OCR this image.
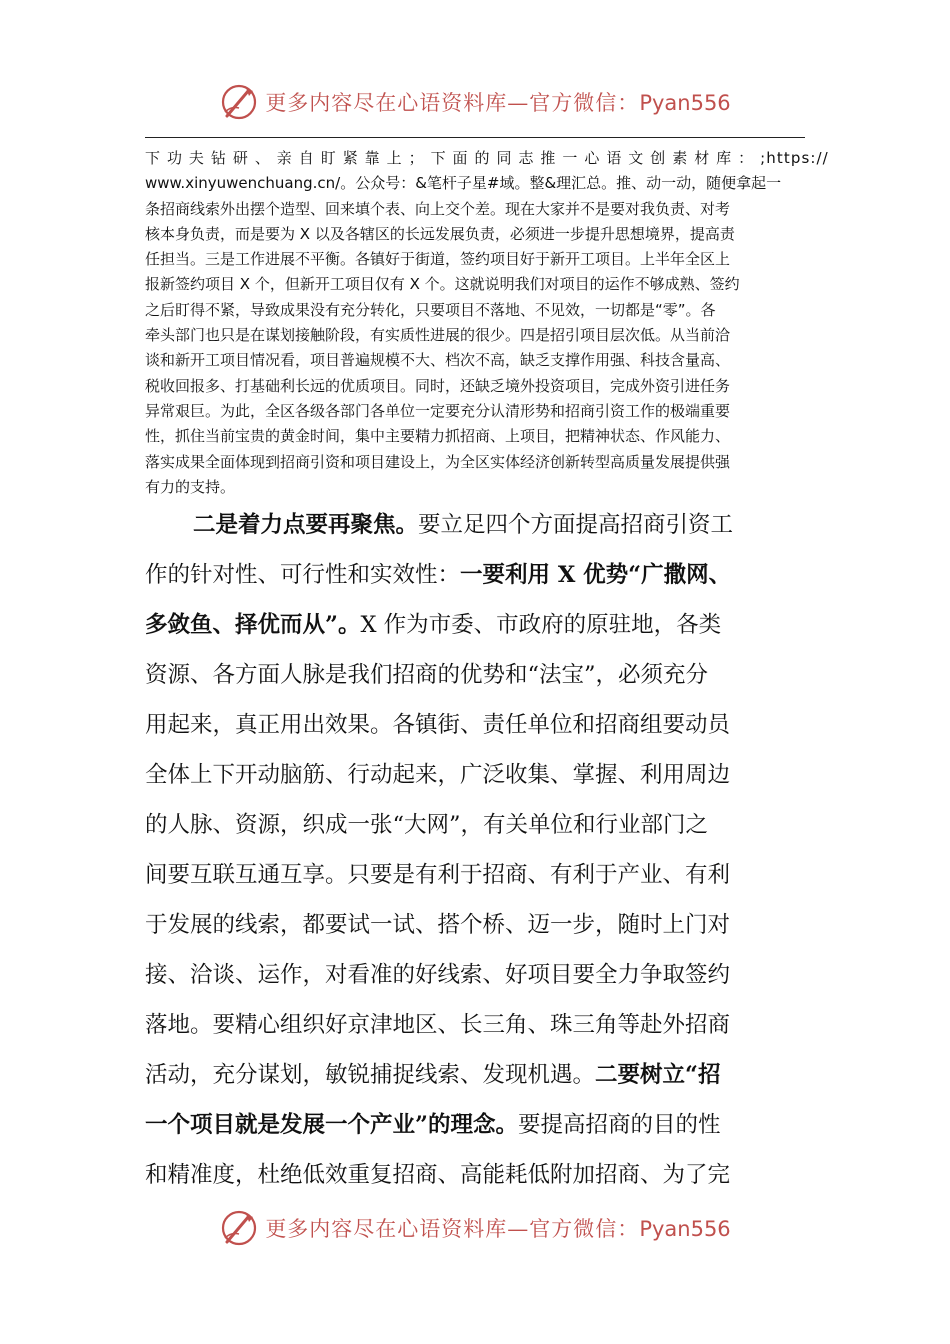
更多内容尽在心语资料库—官方微信：Pyan556
下 功 夫 钻 研 、 亲 自 盯 紧 靠 上 ； 下 面 的 同 志 推 一 心 语 文 创 素 材 库 ： ;https://
www.xinyuwenchuang.cn/。公众号：&笔杆子星#域。整&理汇总。推、动一动，随便拿起一
条招商线索外出摆个造型、回来填个表、向上交个差。现在大家并不是要对我负责、对考
核本身负责，而是要为 X 以及各辖区的长远发展负责，必须进一步提升思想境界，提高责
任担当。三是工作进展不平衡。各镇好于街道，签约项目好于新开工项目。上半年全区上
报新签约项目 X 个，但新开工项目仅有 X 个。这就说明我们对项目的运作不够成熟、签约
之后盯得不紧，导致成果没有充分转化，只要项目不落地、不见效，一切都是“零”。各
牵头部门也只是在谋划接触阶段，有实质性进展的很少。四是招引项目层次低。从当前洽
谈和新开工项目情况看，项目普遍规模不大、档次不高，缺乏支撑作用强、科技含量高、
税收回报多、打基础利长远的优质项目。同时，还缺乏境外投资项目，完成外资引进任务
异常艰巨。为此，全区各级各部门各单位一定要充分认清形势和招商引资工作的极端重要
性，抓住当前宝贵的黄金时间，集中主要精力抓招商、上项目，把精神状态、作风能力、
落实成果全面体现到招商引资和项目建设上，为全区实体经济创新转型高质量发展提供强
有力的支持。
二是着力点要再聚焦。要立足四个方面提高招商引资工
作的针对性、可行性和实效性：一要利用 X 优势“广撒网、
多敛鱼、择优而从”。X 作为市委、市政府的原驻地，各类
资源、各方面人脉是我们招商的优势和“法宝”，必须充分
用起来，真正用出效果。各镇街、责任单位和招商组要动员
全体上下开动脑筋、行动起来，广泛收集、掌握、利用周边
的人脉、资源，织成一张“大网”，有关单位和行业部门之
间要互联互通互享。只要是有利于招商、有利于产业、有利
于发展的线索，都要试一试、搭个桥、迈一步，随时上门对
接、洽谈、运作，对看准的好线索、好项目要全力争取签约
落地。要精心组织好京津地区、长三角、珠三角等赴外招商
活动，充分谋划，敏锐捕捉线索、发现机遇。二要树立“招
一个项目就是发展一个产业”的理念。要提高招商的目的性
和精准度，杜绝低效重复招商、高能耗低附加招商、为了完
更多内容尽在心语资料库—官方微信：Pyan556
